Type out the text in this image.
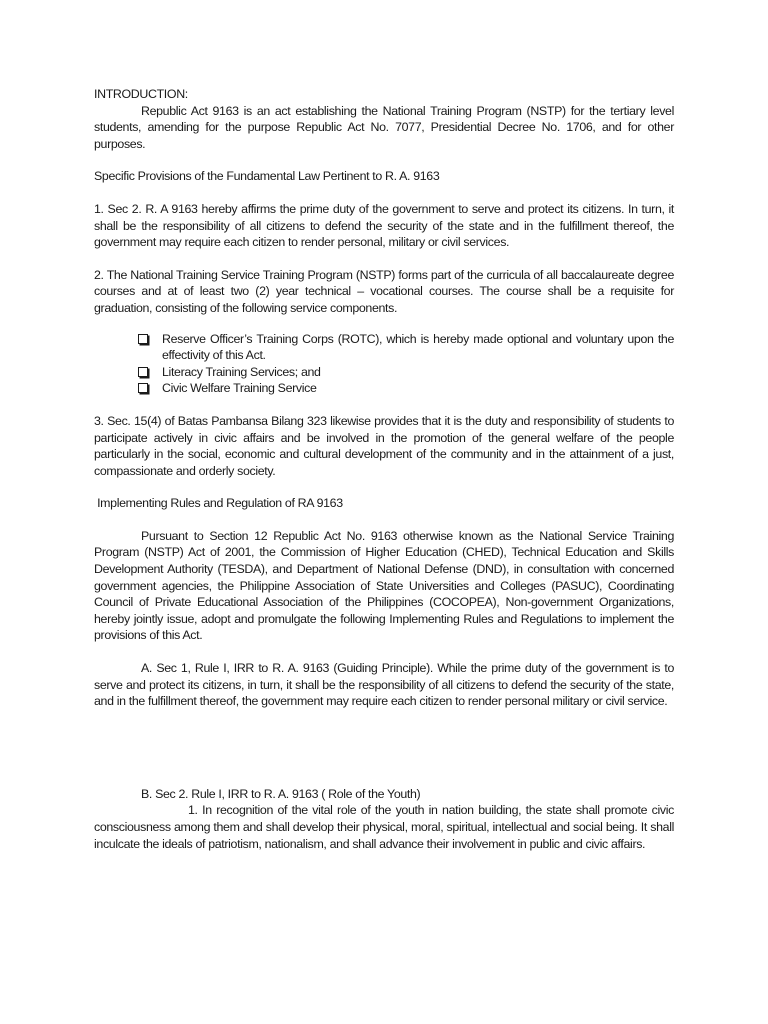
INTRODUCTION:

Republic Act 9163 is an act establishing the National Training Program (NSTP) for the tertiary level students, amending for the purpose Republic Act No. 7077, Presidential Decree No. 1706, and for other purposes.

Specific Provisions of the Fundamental Law Pertinent to R. A. 9163

1. Sec 2. R. A 9163 hereby affirms the prime duty of the government to serve and protect its citizens. In turn, it shall be the responsibility of all citizens to defend the security of the state and in the fulfillment thereof, the government may require each citizen to render personal, military or civil services.

2. The National Training Service Training Program (NSTP) forms part of the curricula of all baccalaureate degree courses and at of least two (2) year technical – vocational courses. The course shall be a requisite for graduation, consisting of the following service components.

Reserve Officer’s Training Corps (ROTC), which is hereby made optional and voluntary upon the effectivity of this Act.
Literacy Training Services; and
Civic Welfare Training Service

3. Sec. 15(4) of Batas Pambansa Bilang 323 likewise provides that it is the duty and responsibility of students to participate actively in civic affairs and be involved in the promotion of the general welfare of the people particularly in the social, economic and cultural development of the community and in the attainment of a just, compassionate and orderly society.

Implementing Rules and Regulation of RA 9163

Pursuant to Section 12 Republic Act No. 9163 otherwise known as the National Service Training Program (NSTP) Act of 2001, the Commission of Higher Education (CHED), Technical Education and Skills Development Authority (TESDA), and Department of National Defense (DND), in consultation with concerned government agencies, the Philippine Association of State Universities and Colleges (PASUC), Coordinating Council of Private Educational Association of the Philippines (COCOPEA), Non-government Organizations, hereby jointly issue, adopt and promulgate the following Implementing Rules and Regulations to implement the provisions of this Act.

A. Sec 1, Rule I, IRR to R. A. 9163 (Guiding Principle). While the prime duty of the government is to serve and protect its citizens, in turn, it shall be the responsibility of all citizens to defend the security of the state, and in the fulfillment thereof, the government may require each citizen to render personal military or civil service.

B. Sec 2. Rule I, IRR to R. A. 9163 ( Role of the Youth)

1. In recognition of the vital role of the youth in nation building, the state shall promote civic consciousness among them and shall develop their physical, moral, spiritual, intellectual and social being. It shall inculcate the ideals of patriotism, nationalism, and shall advance their involvement in public and civic affairs.
